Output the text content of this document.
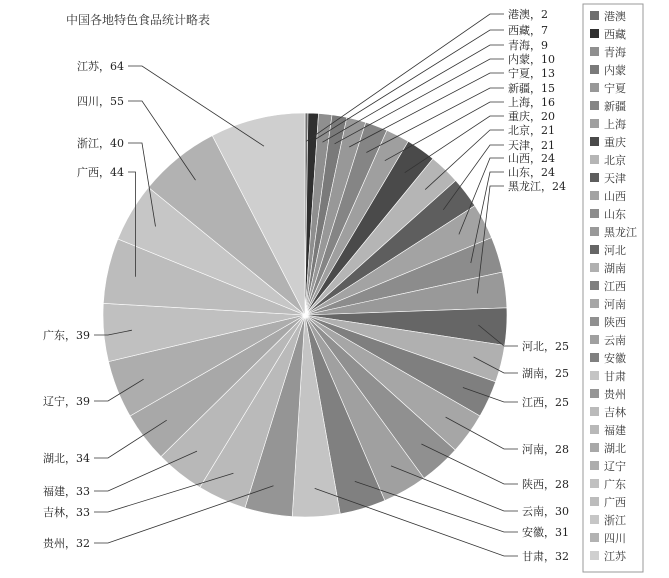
中国各地特色食品统计略表	港澳，2
西藏，7
青海，9
内蒙，10
宁夏，13
新疆，15
上海，16
重庆，20
北京，21
天津，21
山西，24
山东，24
黑龙江，24
河北，25
湖南，25
江西，25
河南，28
陕西，28
云南，30
安徽，31
甘肃，32
贵州，32
吉林，33
福建，33
湖北，34
辽宁，39
广东，39
广西，44
浙江，40
四川，55
江苏，64
港澳
西藏
青海
内蒙
宁夏
新疆
上海
重庆
北京
天津
山西
山东
黑龙江
河北
湖南
江西
河南
陕西
云南
安徽
甘肃
贵州
吉林
福建
湖北
辽宁
广东
广西
浙江
四川
江苏
